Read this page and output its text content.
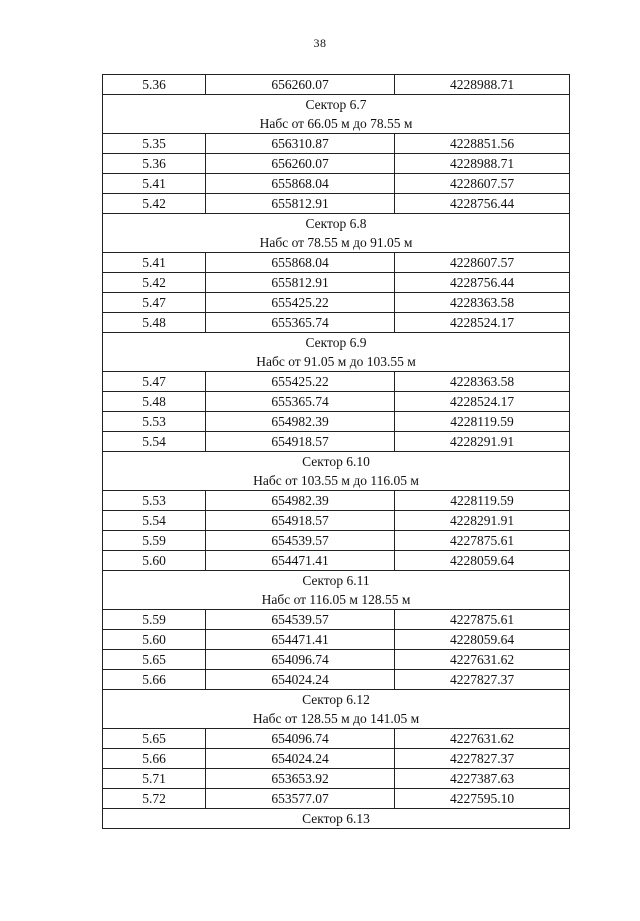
38
5.36	656260.07	4228988.71

Сектор 6.7
Набс от 66.05 м до 78.55 м		

5.35	656310.87	4228851.56
5.36	656260.07	4228988.71
5.41	655868.04	4228607.57
5.42	655812.91	4228756.44

Сектор 6.8
Набс от 78.55 м до 91.05 м		

5.41	655868.04	4228607.57
5.42	655812.91	4228756.44
5.47	655425.22	4228363.58
5.48	655365.74	4228524.17

Сектор 6.9
Набс от 91.05 м до 103.55 м		

5.47	655425.22	4228363.58
5.48	655365.74	4228524.17
5.53	654982.39	4228119.59
5.54	654918.57	4228291.91

Сектор 6.10
Набс от 103.55 м до 116.05 м		

5.53	654982.39	4228119.59
5.54	654918.57	4228291.91
5.59	654539.57	4227875.61
5.60	654471.41	4228059.64

Сектор 6.11
Набс от 116.05 м 128.55 м		

5.59	654539.57	4227875.61
5.60	654471.41	4228059.64
5.65	654096.74	4227631.62
5.66	654024.24	4227827.37

Сектор 6.12
Набс от 128.55 м до 141.05 м		

5.65	654096.74	4227631.62
5.66	654024.24	4227827.37
5.71	653653.92	4227387.63
5.72	653577.07	4227595.10
Сектор 6.13		
